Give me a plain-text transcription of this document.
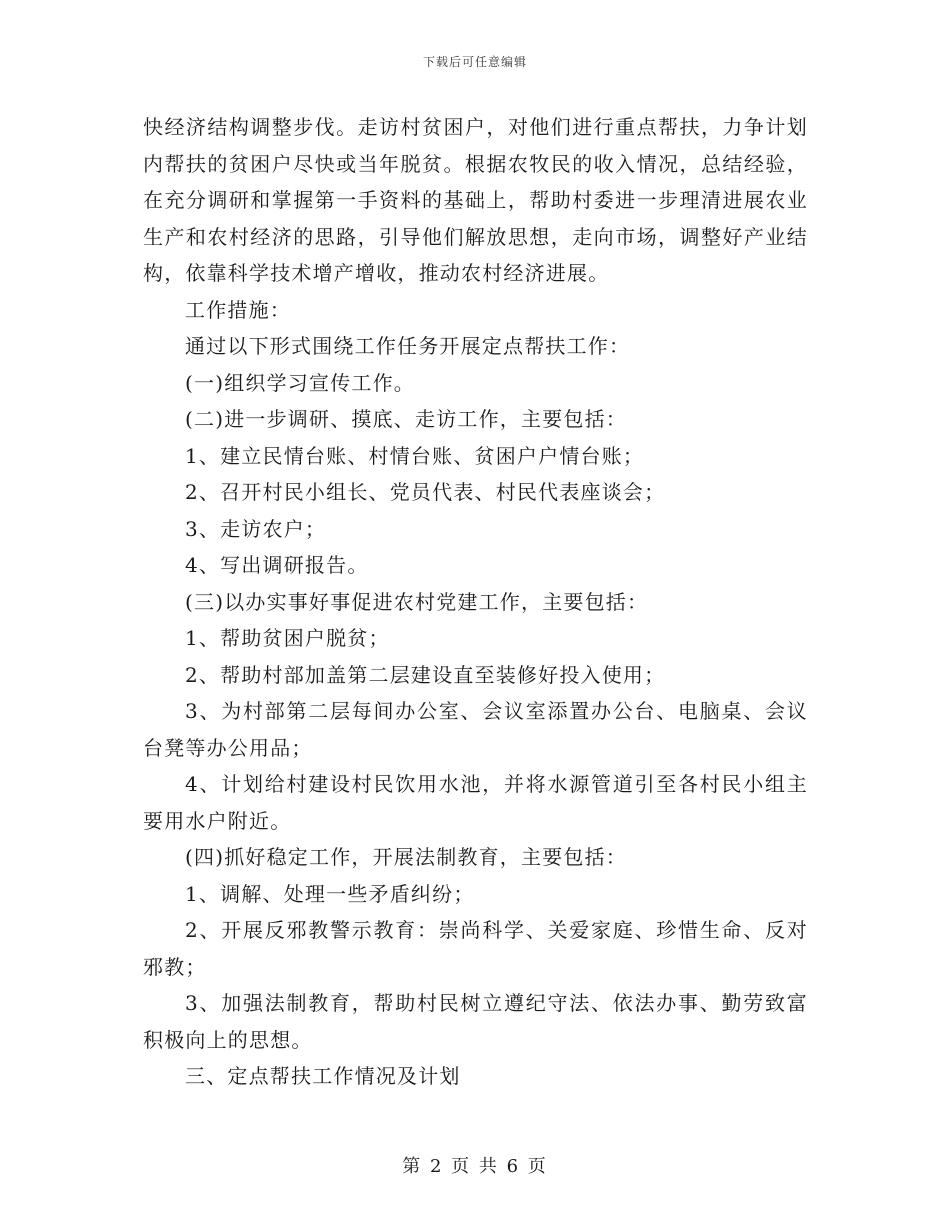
下载后可任意编辑

快经济结构调整步伐。走访村贫困户，对他们进行重点帮扶，力争计划内帮扶的贫困户尽快或当年脱贫。根据农牧民的收入情况，总结经验，在充分调研和掌握第一手资料的基础上，帮助村委进一步理清进展农业生产和农村经济的思路，引导他们解放思想，走向市场，调整好产业结构，依靠科学技术增产增收，推动农村经济进展。

工作措施：

通过以下形式围绕工作任务开展定点帮扶工作：

(一)组织学习宣传工作。

(二)进一步调研、摸底、走访工作，主要包括：

1、建立民情台账、村情台账、贫困户户情台账；

2、召开村民小组长、党员代表、村民代表座谈会；

3、走访农户；

4、写出调研报告。

(三)以办实事好事促进农村党建工作，主要包括：

1、帮助贫困户脱贫；

2、帮助村部加盖第二层建设直至装修好投入使用；

3、为村部第二层每间办公室、会议室添置办公台、电脑桌、会议台凳等办公用品；

4、计划给村建设村民饮用水池，并将水源管道引至各村民小组主要用水户附近。

(四)抓好稳定工作，开展法制教育，主要包括：

1、调解、处理一些矛盾纠纷；

2、开展反邪教警示教育：崇尚科学、关爱家庭、珍惜生命、反对邪教；

3、加强法制教育，帮助村民树立遵纪守法、依法办事、勤劳致富积极向上的思想。

三、定点帮扶工作情况及计划

第 2 页 共 6 页
